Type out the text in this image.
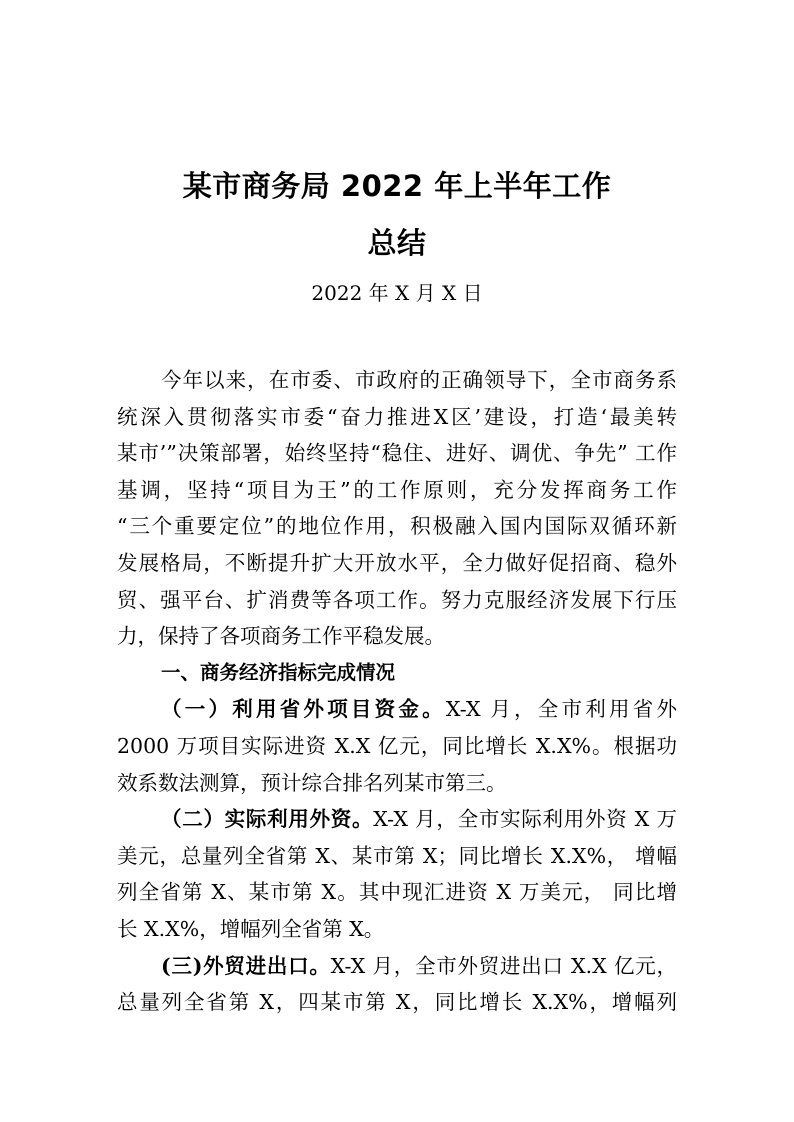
某市商务局 2022 年上半年工作
总结
2022 年 X 月 X 日
今年以来，在市委、市政府的正确领导下，全市商务系
统深入贯彻落实市委“奋力推进X区’建设，打造‘最美转
某市’”决策部署，始终坚持“稳住、进好、调优、争先” 工作
基调，坚持“项目为王”的工作原则，充分发挥商务工作
“三个重要定位”的地位作用，积极融入国内国际双循环新
发展格局，不断提升扩大开放水平，全力做好促招商、稳外
贸、强平台、扩消费等各项工作。努力克服经济发展下行压
力，保持了各项商务工作平稳发展。
一、商务经济指标完成情况
（一）利用省外项目资金。X-X 月，全市利用省外
2000 万项目实际进资 X.X 亿元，同比增长 X.X%。根据功
效系数法测算，预计综合排名列某市第三。
（二）实际利用外资。X-X 月，全市实际利用外资 X 万
美元，总量列全省第 X、某市第 X；同比增长 X.X%， 增幅
列全省第 X、某市第 X。其中现汇进资 X 万美元， 同比增
长 X.X%，增幅列全省第 X。
(三)外贸进出口。X-X 月，全市外贸进出口 X.X 亿元，
总量列全省第 X，四某市第 X，同比增长 X.X%，增幅列
